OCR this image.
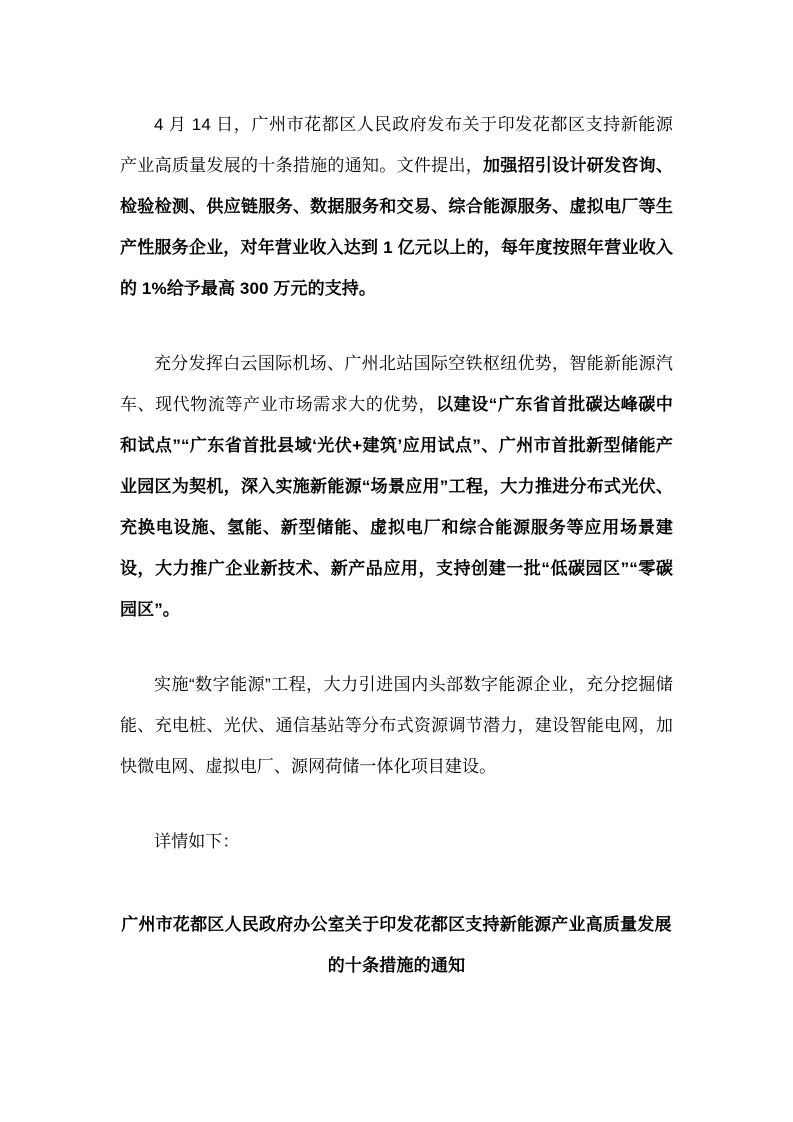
4 月 14 日，广州市花都区人民政府发布关于印发花都区支持新能源产业高质量发展的十条措施的通知。文件提出，加强招引设计研发咨询、检验检测、供应链服务、数据服务和交易、综合能源服务、虚拟电厂等生产性服务企业，对年营业收入达到 1 亿元以上的，每年度按照年营业收入的 1%给予最高 300 万元的支持。

充分发挥白云国际机场、广州北站国际空铁枢纽优势，智能新能源汽车、现代物流等产业市场需求大的优势，以建设“广东省首批碳达峰碳中和试点”“广东省首批县域‘光伏+建筑’应用试点”、广州市首批新型储能产业园区为契机，深入实施新能源“场景应用”工程，大力推进分布式光伏、充换电设施、氢能、新型储能、虚拟电厂和综合能源服务等应用场景建设，大力推广企业新技术、新产品应用，支持创建一批“低碳园区”“零碳园区”。

实施“数字能源”工程，大力引进国内头部数字能源企业，充分挖掘储能、充电桩、光伏、通信基站等分布式资源调节潜力，建设智能电网，加快微电网、虚拟电厂、源网荷储一体化项目建设。

详情如下：

广州市花都区人民政府办公室关于印发花都区支持新能源产业高质量发展的十条措施的通知
